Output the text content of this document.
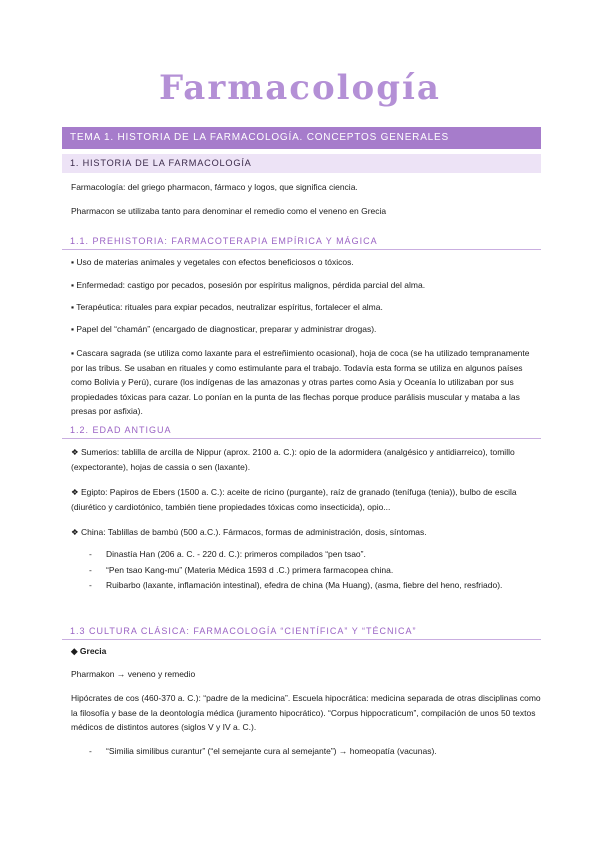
Farmacología
TEMA 1. HISTORIA DE LA FARMACOLOGÍA. CONCEPTOS GENERALES
1. HISTORIA DE LA FARMACOLOGÍA
Farmacología: del griego pharmacon, fármaco y logos, que significa ciencia.
Pharmacon se utilizaba tanto para denominar el remedio como el veneno en Grecia
1.1. PREHISTORIA: FARMACOTERAPIA EMPÍRICA Y MÁGICA
▪ Uso de materias animales y vegetales con efectos beneficiosos o tóxicos.
▪ Enfermedad: castigo por pecados, posesión por espíritus malignos, pérdida parcial del alma.
▪ Terapéutica: rituales para expiar pecados, neutralizar espíritus, fortalecer el alma.
▪ Papel del “chamán” (encargado de diagnosticar, preparar y administrar drogas).
▪ Cascara sagrada (se utiliza como laxante para el estreñimiento ocasional), hoja de coca (se ha utilizado tempranamente por las tribus. Se usaban en rituales y como estimulante para el trabajo. Todavía esta forma se utiliza en algunos países como Bolivia y Perú), curare (los indígenas de las amazonas y otras partes como Asia y Oceanía lo utilizaban por sus propiedades tóxicas para cazar. Lo ponían en la punta de las flechas porque produce parálisis muscular y mataba a las presas por asfixia).
1.2. EDAD ANTIGUA
❖ Sumerios: tablilla de arcilla de Nippur (aprox. 2100 a. C.): opio de la adormidera (analgésico y antidiarreico), tomillo (expectorante), hojas de cassia o sen (laxante).
❖ Egipto: Papiros de Ebers (1500 a. C.): aceite de ricino (purgante), raíz de granado (tenífuga (tenia)), bulbo de escila (diurético y cardiotónico, también tiene propiedades tóxicas como insecticida), opio...
❖ China: Tablillas de bambú (500 a.C.). Fármacos, formas de administración, dosis, síntomas.
- Dinastía Han (206 a. C. - 220 d. C.): primeros compilados “pen tsao”.
- “Pen tsao Kang-mu” (Materia Médica 1593 d .C.) primera farmacopea china.
- Ruibarbo (laxante, inflamación intestinal), efedra de china (Ma Huang), (asma, fiebre del heno, resfriado).
1.3 CULTURA CLÁSICA: FARMACOLOGÍA “CIENTÍFICA” Y “TÉCNICA”
◆ Grecia
Pharmakon → veneno y remedio
Hipócrates de cos (460-370 a. C.): “padre de la medicina”. Escuela hipocrática: medicina separada de otras disciplinas como la filosofía y base de la deontología médica (juramento hipocrático). “Corpus hippocraticum”, compilación de unos 50 textos médicos de distintos autores (siglos V y IV a. C.).
- “Similia similibus curantur” (“el semejante cura al semejante”) → homeopatía (vacunas).
